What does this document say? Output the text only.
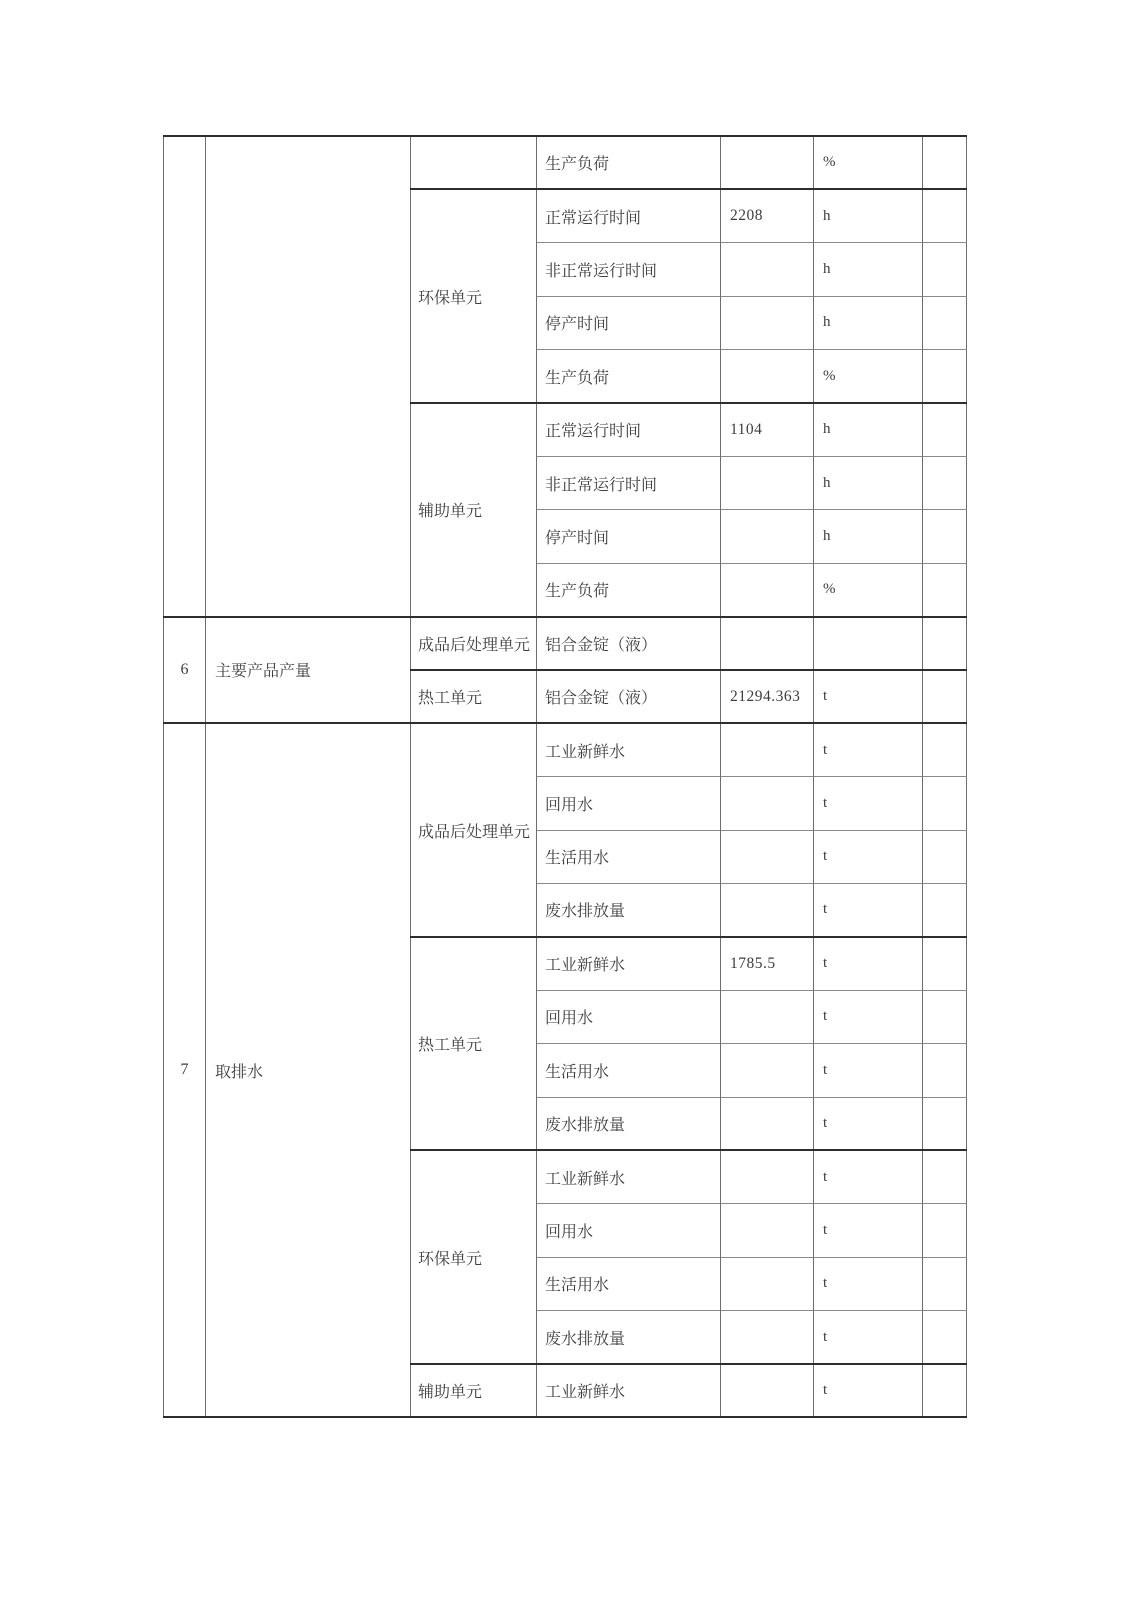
			生产负荷		%	
		环保单元	正常运行时间	2208	h	
			非正常运行时间		h	
			停产时间		h	
			生产负荷		%	
		辅助单元	正常运行时间	1104	h	
			非正常运行时间		h	
			停产时间		h	
			生产负荷		%	
6	主要产品产量	成品后处理单元	铝合金锭（液）			
		热工单元	铝合金锭（液）	21294.363	t	
7	取排水	成品后处理单元	工业新鲜水		t	
			回用水		t	
			生活用水		t	
			废水排放量		t	
		热工单元	工业新鲜水	1785.5	t	
			回用水		t	
			生活用水		t	
			废水排放量		t	
		环保单元	工业新鲜水		t	
			回用水		t	
			生活用水		t	
			废水排放量		t	
		辅助单元	工业新鲜水		t	
